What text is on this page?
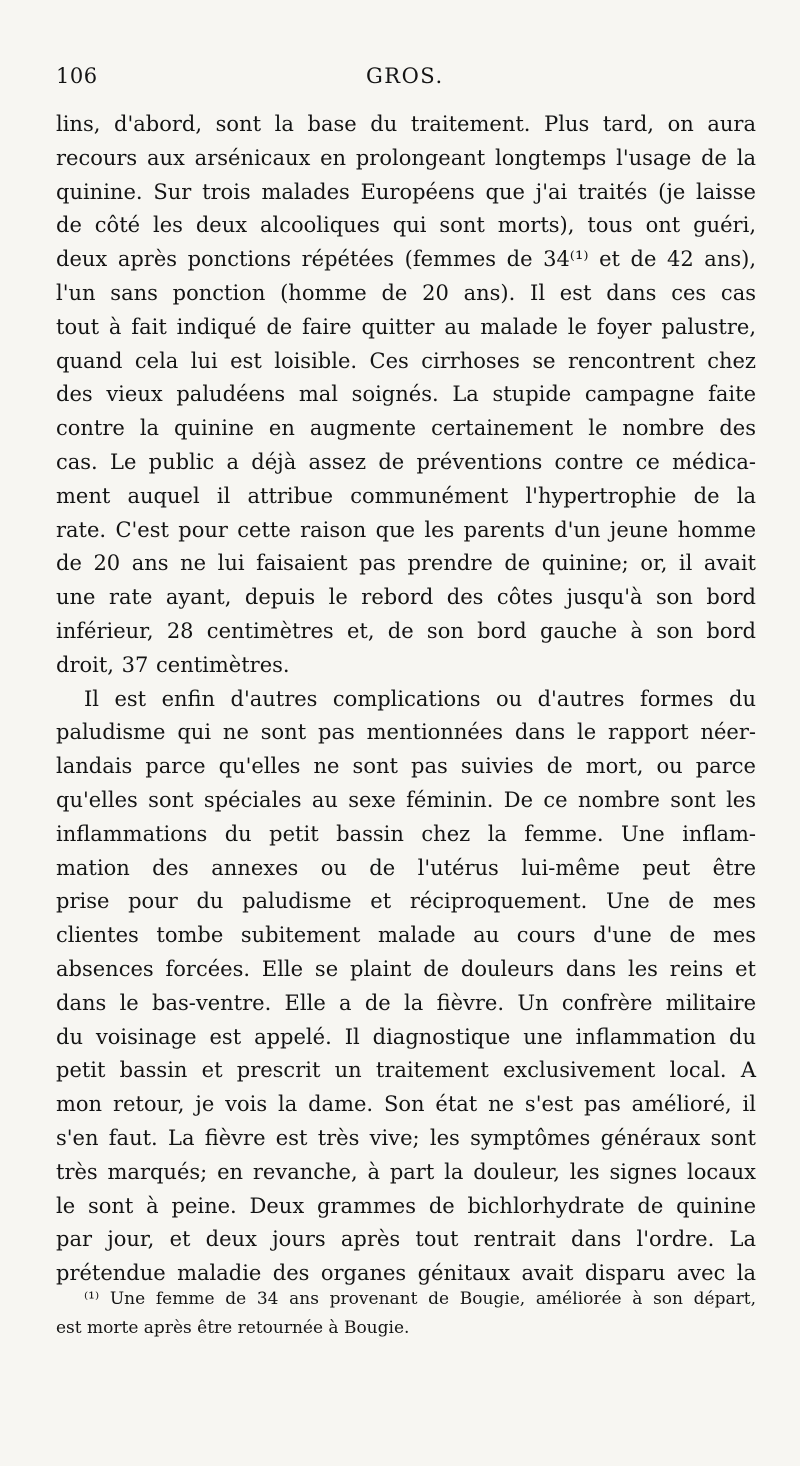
106	GROS.
lins, d'abord, sont la base du traitement. Plus tard, on aura
recours aux arsénicaux en prolongeant longtemps l'usage de la
quinine. Sur trois malades Européens que j'ai traités (je laisse
de côté les deux alcooliques qui sont morts), tous ont guéri,
deux après ponctions répétées (femmes de 34⁽¹⁾ et de 42 ans),
l'un sans ponction (homme de 20 ans). Il est dans ces cas
tout à fait indiqué de faire quitter au malade le foyer palustre,
quand cela lui est loisible. Ces cirrhoses se rencontrent chez
des vieux paludéens mal soignés. La stupide campagne faite
contre la quinine en augmente certainement le nombre des
cas. Le public a déjà assez de préventions contre ce médica-
ment auquel il attribue communément l'hypertrophie de la
rate. C'est pour cette raison que les parents d'un jeune homme
de 20 ans ne lui faisaient pas prendre de quinine; or, il avait
une rate ayant, depuis le rebord des côtes jusqu'à son bord
inférieur, 28 centimètres et, de son bord gauche à son bord
droit, 37 centimètres.
Il est enfin d'autres complications ou d'autres formes du
paludisme qui ne sont pas mentionnées dans le rapport néer-
landais parce qu'elles ne sont pas suivies de mort, ou parce
qu'elles sont spéciales au sexe féminin. De ce nombre sont les
inflammations du petit bassin chez la femme. Une inflam-
mation des annexes ou de l'utérus lui-même peut être
prise pour du paludisme et réciproquement. Une de mes
clientes tombe subitement malade au cours d'une de mes
absences forcées. Elle se plaint de douleurs dans les reins et
dans le bas-ventre. Elle a de la fièvre. Un confrère militaire
du voisinage est appelé. Il diagnostique une inflammation du
petit bassin et prescrit un traitement exclusivement local. A
mon retour, je vois la dame. Son état ne s'est pas amélioré, il
s'en faut. La fièvre est très vive; les symptômes généraux sont
très marqués; en revanche, à part la douleur, les signes locaux
le sont à peine. Deux grammes de bichlorhydrate de quinine
par jour, et deux jours après tout rentrait dans l'ordre. La
prétendue maladie des organes génitaux avait disparu avec la
⁽¹⁾ Une femme de 34 ans provenant de Bougie, améliorée à son départ,
est morte après être retournée à Bougie.
